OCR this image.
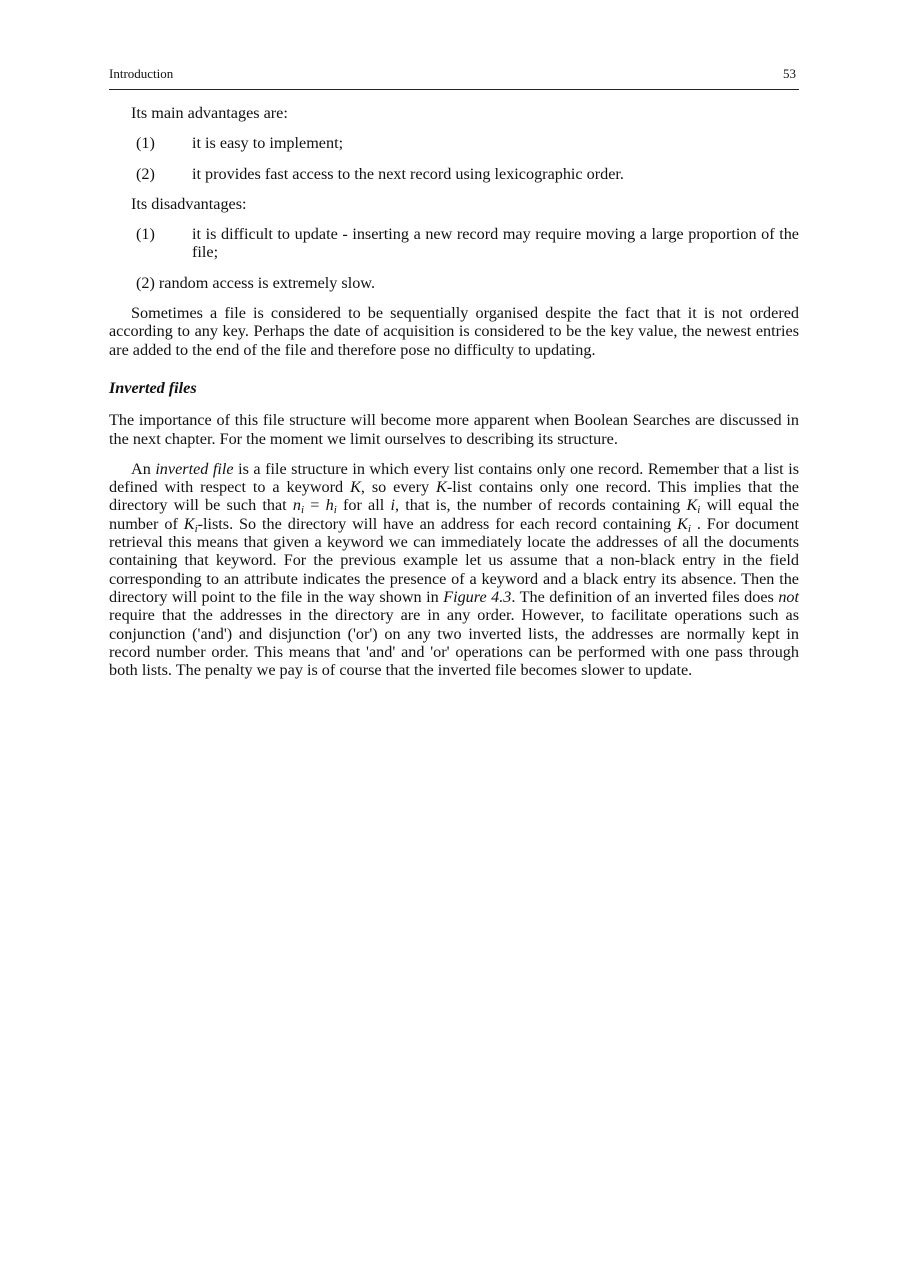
Introduction	53

Its main advantages are:

(1)	it is easy to implement;
(2)	it provides fast access to the next record using lexicographic order.

Its disadvantages:

(1)	it is difficult to update - inserting a new record may require moving a large proportion of the file;
(2) random access is extremely slow.

Sometimes a file is considered to be sequentially organised despite the fact that it is not ordered according to any key. Perhaps the date of acquisition is considered to be the key value, the newest entries are added to the end of the file and therefore pose no difficulty to updating.

Inverted files

The importance of this file structure will become more apparent when Boolean Searches are discussed in the next chapter. For the moment we limit ourselves to describing its structure.

An inverted file is a file structure in which every list contains only one record. Remember that a list is defined with respect to a keyword K, so every K-list contains only one record. This implies that the directory will be such that $n_i = h_i$ for all i, that is, the number of records containing $K_i$ will equal the number of $K_i$-lists. So the directory will have an address for each record containing $K_i$ . For document retrieval this means that given a keyword we can immediately locate the addresses of all the documents containing that keyword. For the previous example let us assume that a non-black entry in the field corresponding to an attribute indicates the presence of a keyword and a black entry its absence. Then the directory will point to the file in the way shown in Figure 4.3. The definition of an inverted files does not require that the addresses in the directory are in any order. However, to facilitate operations such as conjunction ('and') and disjunction ('or') on any two inverted lists, the addresses are normally kept in record number order. This means that 'and' and 'or' operations can be performed with one pass through both lists. The penalty we pay is of course that the inverted file becomes slower to update.
